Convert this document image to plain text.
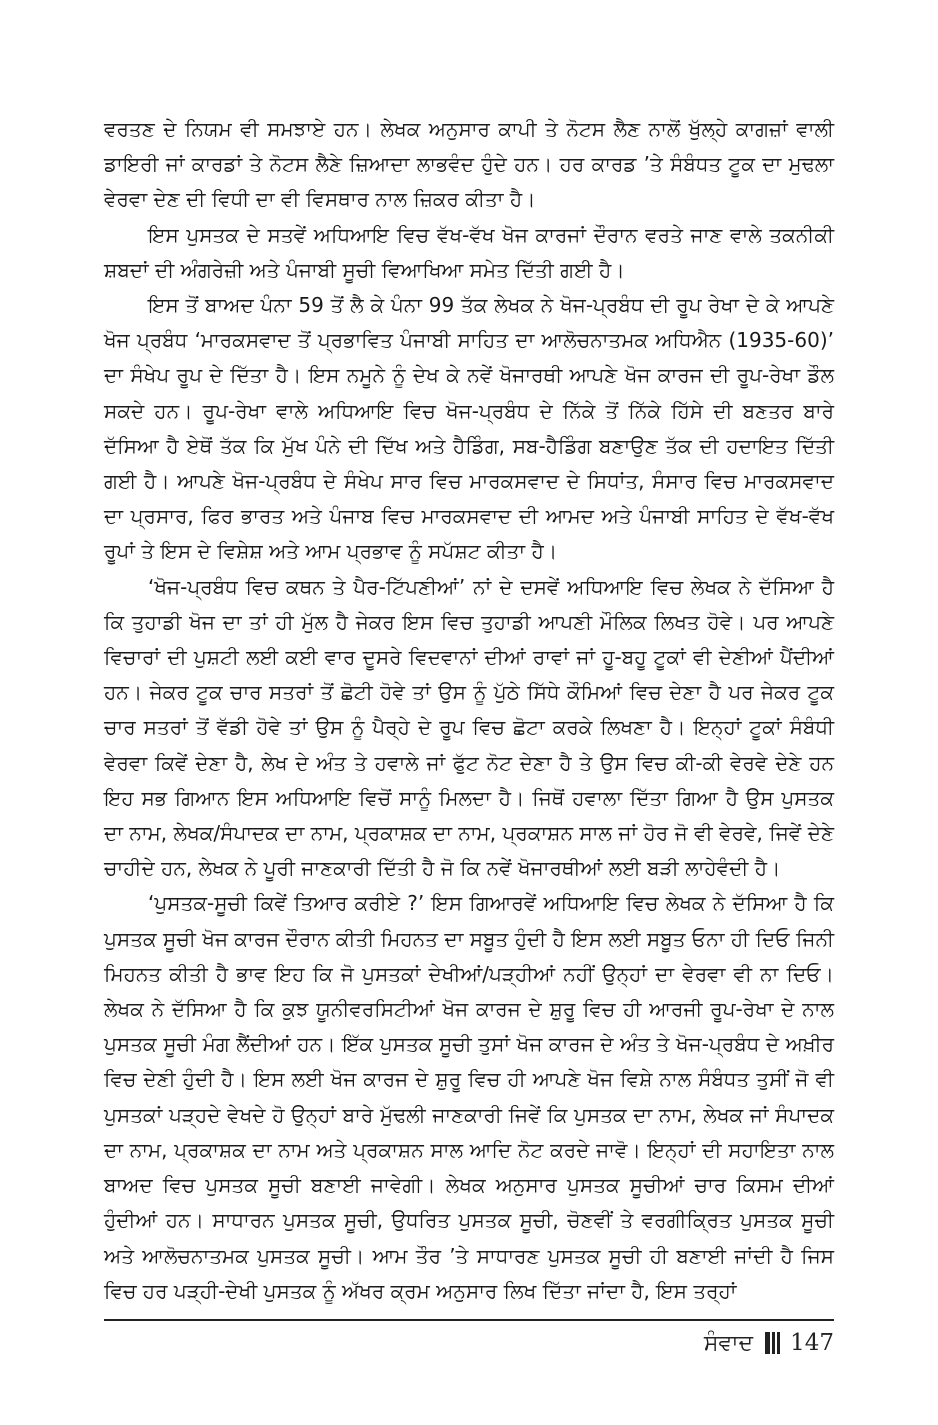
ਵਰਤਣ ਦੇ ਨਿਯਮ ਵੀ ਸਮਝਾਏ ਹਨ। ਲੇਖਕ ਅਨੁਸਾਰ ਕਾਪੀ ਤੇ ਨੋਟਸ ਲੈਣ ਨਾਲੋਂ ਖੁੱਲ੍ਹੇ ਕਾਗਜ਼ਾਂ ਵਾਲੀ ਡਾਇਰੀ ਜਾਂ ਕਾਰਡਾਂ ਤੇ ਨੋਟਸ ਲੈਣੇ ਜ਼ਿਆਦਾ ਲਾਭਵੰਦ ਹੁੰਦੇ ਹਨ। ਹਰ ਕਾਰਡ ’ਤੇ ਸੰਬੰਧਤ ਟੂਕ ਦਾ ਮੁਢਲਾ ਵੇਰਵਾ ਦੇਣ ਦੀ ਵਿਧੀ ਦਾ ਵੀ ਵਿਸਥਾਰ ਨਾਲ ਜ਼ਿਕਰ ਕੀਤਾ ਹੈ।

ਇਸ ਪੁਸਤਕ ਦੇ ਸਤਵੇਂ ਅਧਿਆਇ ਵਿਚ ਵੱਖ-ਵੱਖ ਖੋਜ ਕਾਰਜਾਂ ਦੌਰਾਨ ਵਰਤੇ ਜਾਣ ਵਾਲੇ ਤਕਨੀਕੀ ਸ਼ਬਦਾਂ ਦੀ ਅੰਗਰੇਜ਼ੀ ਅਤੇ ਪੰਜਾਬੀ ਸੂਚੀ ਵਿਆਖਿਆ ਸਮੇਤ ਦਿੱਤੀ ਗਈ ਹੈ।

ਇਸ ਤੋਂ ਬਾਅਦ ਪੰਨਾ 59 ਤੋਂ ਲੈ ਕੇ ਪੰਨਾ 99 ਤੱਕ ਲੇਖਕ ਨੇ ਖੋਜ-ਪ੍ਰਬੰਧ ਦੀ ਰੂਪ ਰੇਖਾ ਦੇ ਕੇ ਆਪਣੇ ਖੋਜ ਪ੍ਰਬੰਧ ‘ਮਾਰਕਸਵਾਦ ਤੋਂ ਪ੍ਰਭਾਵਿਤ ਪੰਜਾਬੀ ਸਾਹਿਤ ਦਾ ਆਲੋਚਨਾਤਮਕ ਅਧਿਐਨ (1935-60)’ ਦਾ ਸੰਖੇਪ ਰੂਪ ਦੇ ਦਿੱਤਾ ਹੈ। ਇਸ ਨਮੂਨੇ ਨੂੰ ਦੇਖ ਕੇ ਨਵੇਂ ਖੋਜਾਰਥੀ ਆਪਣੇ ਖੋਜ ਕਾਰਜ ਦੀ ਰੂਪ-ਰੇਖਾ ਡੌਲ ਸਕਦੇ ਹਨ। ਰੂਪ-ਰੇਖਾ ਵਾਲੇ ਅਧਿਆਇ ਵਿਚ ਖੋਜ-ਪ੍ਰਬੰਧ ਦੇ ਨਿੱਕੇ ਤੋਂ ਨਿੱਕੇ ਹਿੱਸੇ ਦੀ ਬਣਤਰ ਬਾਰੇ ਦੱਸਿਆ ਹੈ ਏਥੋਂ ਤੱਕ ਕਿ ਮੁੱਖ ਪੰਨੇ ਦੀ ਦਿੱਖ ਅਤੇ ਹੈਡਿੰਗ, ਸਬ-ਹੈਡਿੰਗ ਬਣਾਉਣ ਤੱਕ ਦੀ ਹਦਾਇਤ ਦਿੱਤੀ ਗਈ ਹੈ। ਆਪਣੇ ਖੋਜ-ਪ੍ਰਬੰਧ ਦੇ ਸੰਖੇਪ ਸਾਰ ਵਿਚ ਮਾਰਕਸਵਾਦ ਦੇ ਸਿਧਾਂਤ, ਸੰਸਾਰ ਵਿਚ ਮਾਰਕਸਵਾਦ ਦਾ ਪ੍ਰਸਾਰ, ਫਿਰ ਭਾਰਤ ਅਤੇ ਪੰਜਾਬ ਵਿਚ ਮਾਰਕਸਵਾਦ ਦੀ ਆਮਦ ਅਤੇ ਪੰਜਾਬੀ ਸਾਹਿਤ ਦੇ ਵੱਖ-ਵੱਖ ਰੂਪਾਂ ਤੇ ਇਸ ਦੇ ਵਿਸ਼ੇਸ਼ ਅਤੇ ਆਮ ਪ੍ਰਭਾਵ ਨੂੰ ਸਪੱਸ਼ਟ ਕੀਤਾ ਹੈ।

‘ਖੋਜ-ਪ੍ਰਬੰਧ ਵਿਚ ਕਥਨ ਤੇ ਪੈਰ-ਟਿੱਪਣੀਆਂ’ ਨਾਂ ਦੇ ਦਸਵੇਂ ਅਧਿਆਇ ਵਿਚ ਲੇਖਕ ਨੇ ਦੱਸਿਆ ਹੈ ਕਿ ਤੁਹਾਡੀ ਖੋਜ ਦਾ ਤਾਂ ਹੀ ਮੁੱਲ ਹੈ ਜੇਕਰ ਇਸ ਵਿਚ ਤੁਹਾਡੀ ਆਪਣੀ ਮੌਲਿਕ ਲਿਖਤ ਹੋਵੇ। ਪਰ ਆਪਣੇ ਵਿਚਾਰਾਂ ਦੀ ਪੁਸ਼ਟੀ ਲਈ ਕਈ ਵਾਰ ਦੂਸਰੇ ਵਿਦਵਾਨਾਂ ਦੀਆਂ ਰਾਵਾਂ ਜਾਂ ਹੂ-ਬਹੂ ਟੂਕਾਂ ਵੀ ਦੇਣੀਆਂ ਪੈਂਦੀਆਂ ਹਨ। ਜੇਕਰ ਟੂਕ ਚਾਰ ਸਤਰਾਂ ਤੋਂ ਛੋਟੀ ਹੋਵੇ ਤਾਂ ਉਸ ਨੂੰ ਪੁੱਠੇ ਸਿੱਧੇ ਕੌਮਿਆਂ ਵਿਚ ਦੇਣਾ ਹੈ ਪਰ ਜੇਕਰ ਟੂਕ ਚਾਰ ਸਤਰਾਂ ਤੋਂ ਵੱਡੀ ਹੋਵੇ ਤਾਂ ਉਸ ਨੂੰ ਪੈਰ੍ਹੇ ਦੇ ਰੂਪ ਵਿਚ ਛੋਟਾ ਕਰਕੇ ਲਿਖਣਾ ਹੈ। ਇਨ੍ਹਾਂ ਟੂਕਾਂ ਸੰਬੰਧੀ ਵੇਰਵਾ ਕਿਵੇਂ ਦੇਣਾ ਹੈ, ਲੇਖ ਦੇ ਅੰਤ ਤੇ ਹਵਾਲੇ ਜਾਂ ਫੁੱਟ ਨੋਟ ਦੇਣਾ ਹੈ ਤੇ ਉਸ ਵਿਚ ਕੀ-ਕੀ ਵੇਰਵੇ ਦੇਣੇ ਹਨ ਇਹ ਸਭ ਗਿਆਨ ਇਸ ਅਧਿਆਇ ਵਿਚੋਂ ਸਾਨੂੰ ਮਿਲਦਾ ਹੈ। ਜਿਥੋਂ ਹਵਾਲਾ ਦਿੱਤਾ ਗਿਆ ਹੈ ਉਸ ਪੁਸਤਕ ਦਾ ਨਾਮ, ਲੇਖਕ/ਸੰਪਾਦਕ ਦਾ ਨਾਮ, ਪ੍ਰਕਾਸ਼ਕ ਦਾ ਨਾਮ, ਪ੍ਰਕਾਸ਼ਨ ਸਾਲ ਜਾਂ ਹੋਰ ਜੋ ਵੀ ਵੇਰਵੇ, ਜਿਵੇਂ ਦੇਣੇ ਚਾਹੀਦੇ ਹਨ, ਲੇਖਕ ਨੇ ਪੂਰੀ ਜਾਣਕਾਰੀ ਦਿੱਤੀ ਹੈ ਜੋ ਕਿ ਨਵੇਂ ਖੋਜਾਰਥੀਆਂ ਲਈ ਬੜੀ ਲਾਹੇਵੰਦੀ ਹੈ।

‘ਪੁਸਤਕ-ਸੂਚੀ ਕਿਵੇਂ ਤਿਆਰ ਕਰੀਏ ?’ ਇਸ ਗਿਆਰਵੇਂ ਅਧਿਆਇ ਵਿਚ ਲੇਖਕ ਨੇ ਦੱਸਿਆ ਹੈ ਕਿ ਪੁਸਤਕ ਸੂਚੀ ਖੋਜ ਕਾਰਜ ਦੌਰਾਨ ਕੀਤੀ ਮਿਹਨਤ ਦਾ ਸਬੂਤ ਹੁੰਦੀ ਹੈ ਇਸ ਲਈ ਸਬੂਤ ਓਨਾ ਹੀ ਦਿਓ ਜਿਨੀ ਮਿਹਨਤ ਕੀਤੀ ਹੈ ਭਾਵ ਇਹ ਕਿ ਜੋ ਪੁਸਤਕਾਂ ਦੇਖੀਆਂ/ਪੜ੍ਹੀਆਂ ਨਹੀਂ ਉਨ੍ਹਾਂ ਦਾ ਵੇਰਵਾ ਵੀ ਨਾ ਦਿਓ। ਲੇਖਕ ਨੇ ਦੱਸਿਆ ਹੈ ਕਿ ਕੁਝ ਯੂਨੀਵਰਸਿਟੀਆਂ ਖੋਜ ਕਾਰਜ ਦੇ ਸ਼ੁਰੂ ਵਿਚ ਹੀ ਆਰਜੀ ਰੂਪ-ਰੇਖਾ ਦੇ ਨਾਲ ਪੁਸਤਕ ਸੂਚੀ ਮੰਗ ਲੈਂਦੀਆਂ ਹਨ। ਇੱਕ ਪੁਸਤਕ ਸੂਚੀ ਤੁਸਾਂ ਖੋਜ ਕਾਰਜ ਦੇ ਅੰਤ ਤੇ ਖੋਜ-ਪ੍ਰਬੰਧ ਦੇ ਅਖ਼ੀਰ ਵਿਚ ਦੇਣੀ ਹੁੰਦੀ ਹੈ। ਇਸ ਲਈ ਖੋਜ ਕਾਰਜ ਦੇ ਸ਼ੁਰੂ ਵਿਚ ਹੀ ਆਪਣੇ ਖੋਜ ਵਿਸ਼ੇ ਨਾਲ ਸੰਬੰਧਤ ਤੁਸੀਂ ਜੋ ਵੀ ਪੁਸਤਕਾਂ ਪੜ੍ਹਦੇ ਵੇਖਦੇ ਹੋ ਉਨ੍ਹਾਂ ਬਾਰੇ ਮੁੱਢਲੀ ਜਾਣਕਾਰੀ ਜਿਵੇਂ ਕਿ ਪੁਸਤਕ ਦਾ ਨਾਮ, ਲੇਖਕ ਜਾਂ ਸੰਪਾਦਕ ਦਾ ਨਾਮ, ਪ੍ਰਕਾਸ਼ਕ ਦਾ ਨਾਮ ਅਤੇ ਪ੍ਰਕਾਸ਼ਨ ਸਾਲ ਆਦਿ ਨੋਟ ਕਰਦੇ ਜਾਵੋ। ਇਨ੍ਹਾਂ ਦੀ ਸਹਾਇਤਾ ਨਾਲ ਬਾਅਦ ਵਿਚ ਪੁਸਤਕ ਸੂਚੀ ਬਣਾਈ ਜਾਵੇਗੀ। ਲੇਖਕ ਅਨੁਸਾਰ ਪੁਸਤਕ ਸੂਚੀਆਂ ਚਾਰ ਕਿਸਮ ਦੀਆਂ ਹੁੰਦੀਆਂ ਹਨ। ਸਾਧਾਰਨ ਪੁਸਤਕ ਸੂਚੀ, ਉਧਰਿਤ ਪੁਸਤਕ ਸੂਚੀ, ਚੋਣਵੀਂ ਤੇ ਵਰਗੀਕ੍ਰਿਤ ਪੁਸਤਕ ਸੂਚੀ ਅਤੇ ਆਲੋਚਨਾਤਮਕ ਪੁਸਤਕ ਸੂਚੀ। ਆਮ ਤੌਰ ’ਤੇ ਸਾਧਾਰਣ ਪੁਸਤਕ ਸੂਚੀ ਹੀ ਬਣਾਈ ਜਾਂਦੀ ਹੈ ਜਿਸ ਵਿਚ ਹਰ ਪੜ੍ਹੀ-ਦੇਖੀ ਪੁਸਤਕ ਨੂੰ ਅੱਖਰ ਕ੍ਰਮ ਅਨੁਸਾਰ ਲਿਖ ਦਿੱਤਾ ਜਾਂਦਾ ਹੈ, ਇਸ ਤਰ੍ਹਾਂ

ਸੰਵਾਦ 147
